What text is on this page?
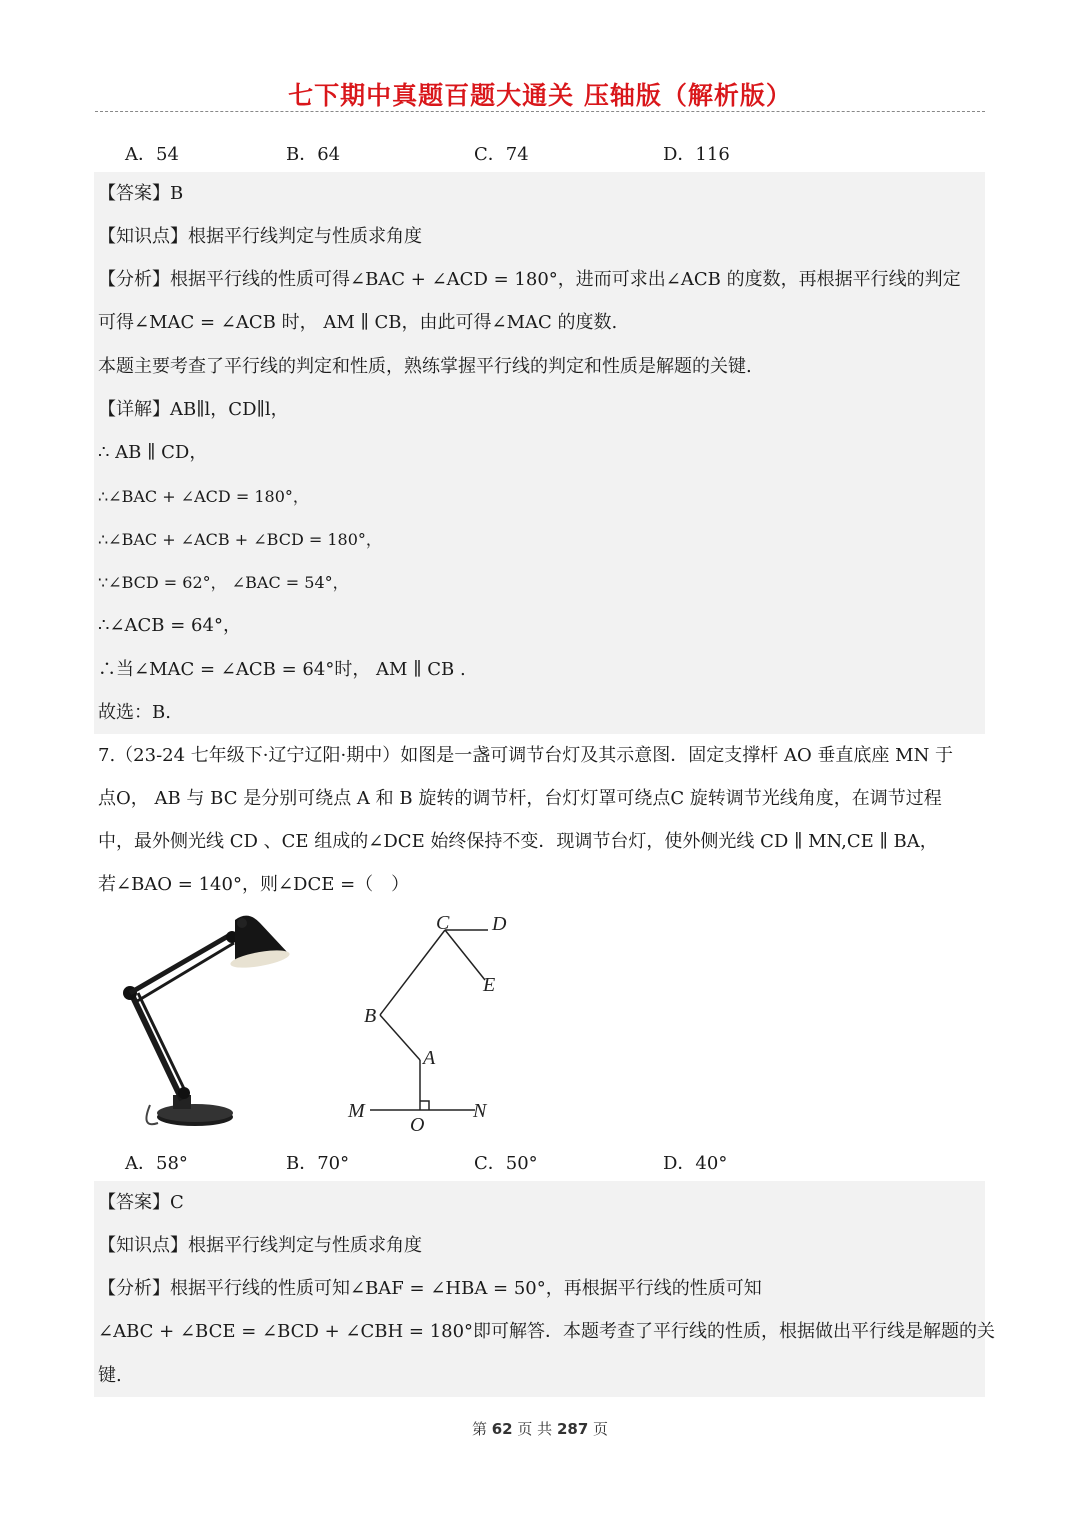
七下期中真题百题大通关 压轴版（解析版）
A．54	B．64	C．74	D．116
【答案】B
【知识点】根据平行线判定与性质求角度
【分析】根据平行线的性质可得∠BAC + ∠ACD = 180°，进而可求出∠ACB 的度数，再根据平行线的判定
可得∠MAC = ∠ACB 时， AM ∥ CB，由此可得∠MAC 的度数.
本题主要考查了平行线的判定和性质，熟练掌握平行线的判定和性质是解题的关键.
【详解】AB∥l，CD∥l，
∴ AB ∥ CD，
∴∠BAC + ∠ACD = 180°，
∴∠BAC + ∠ACB + ∠BCD = 180°，
∵∠BCD = 62°， ∠BAC = 54°，
∴∠ACB = 64°，
∴当∠MAC = ∠ACB = 64°时， AM ∥ CB .
故选：B.
7.（23-24 七年级下·辽宁辽阳·期中）如图是一盏可调节台灯及其示意图．固定支撑杆 AO 垂直底座 MN 于
点O， AB 与 BC 是分别可绕点 A 和 B 旋转的调节杆，台灯灯罩可绕点C 旋转调节光线角度，在调节过程
中，最外侧光线 CD 、CE 组成的∠DCE 始终保持不变．现调节台灯，使外侧光线 CD ∥ MN,CE ∥ BA，
若∠BAO = 140°，则∠DCE =（　）
C D
E
B
A
M
O
N
A．58°	B．70°	C．50°	D．40°
【答案】C
【知识点】根据平行线判定与性质求角度
【分析】根据平行线的性质可知∠BAF = ∠HBA = 50°，再根据平行线的性质可知
∠ABC + ∠BCE = ∠BCD + ∠CBH = 180°即可解答．本题考查了平行线的性质，根据做出平行线是解题的关
键.
第 62 页 共 287 页
